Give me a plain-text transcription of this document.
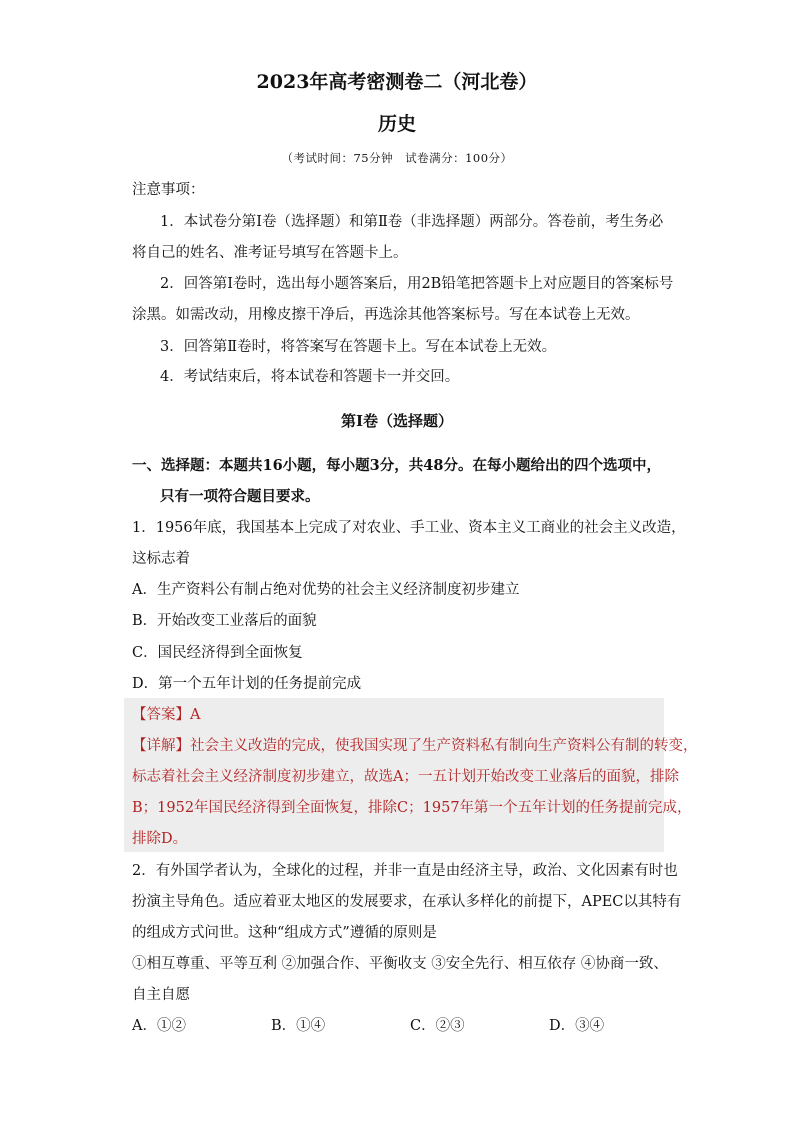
2023年高考密测卷二（河北卷）
历史
（考试时间：75分钟　试卷满分：100分）
注意事项：
1．本试卷分第Ⅰ卷（选择题）和第Ⅱ卷（非选择题）两部分。答卷前，考生务必
将自己的姓名、准考证号填写在答题卡上。
2．回答第Ⅰ卷时，选出每小题答案后，用2B铅笔把答题卡上对应题目的答案标号
涂黑。如需改动，用橡皮擦干净后，再选涂其他答案标号。写在本试卷上无效。
3．回答第Ⅱ卷时，将答案写在答题卡上。写在本试卷上无效。
4．考试结束后，将本试卷和答题卡一并交回。
第Ⅰ卷（选择题）
一、选择题：本题共16小题，每小题3分，共48分。在每小题给出的四个选项中，
只有一项符合题目要求。
1．1956年底，我国基本上完成了对农业、手工业、资本主义工商业的社会主义改造，
这标志着
A．生产资料公有制占绝对优势的社会主义经济制度初步建立
B．开始改变工业落后的面貌
C．国民经济得到全面恢复
D．第一个五年计划的任务提前完成
【答案】A
【详解】社会主义改造的完成，使我国实现了生产资料私有制向生产资料公有制的转变，
标志着社会主义经济制度初步建立，故选A；一五计划开始改变工业落后的面貌，排除
B；1952年国民经济得到全面恢复，排除C；1957年第一个五年计划的任务提前完成，
排除D。
2．有外国学者认为，全球化的过程，并非一直是由经济主导，政治、文化因素有时也
扮演主导角色。适应着亚太地区的发展要求，在承认多样化的前提下，APEC以其特有
的组成方式问世。这种“组成方式”遵循的原则是
①相互尊重、平等互利 ②加强合作、平衡收支 ③安全先行、相互依存 ④协商一致、
自主自愿
A．①②	B．①④	C．②③	D．③④
